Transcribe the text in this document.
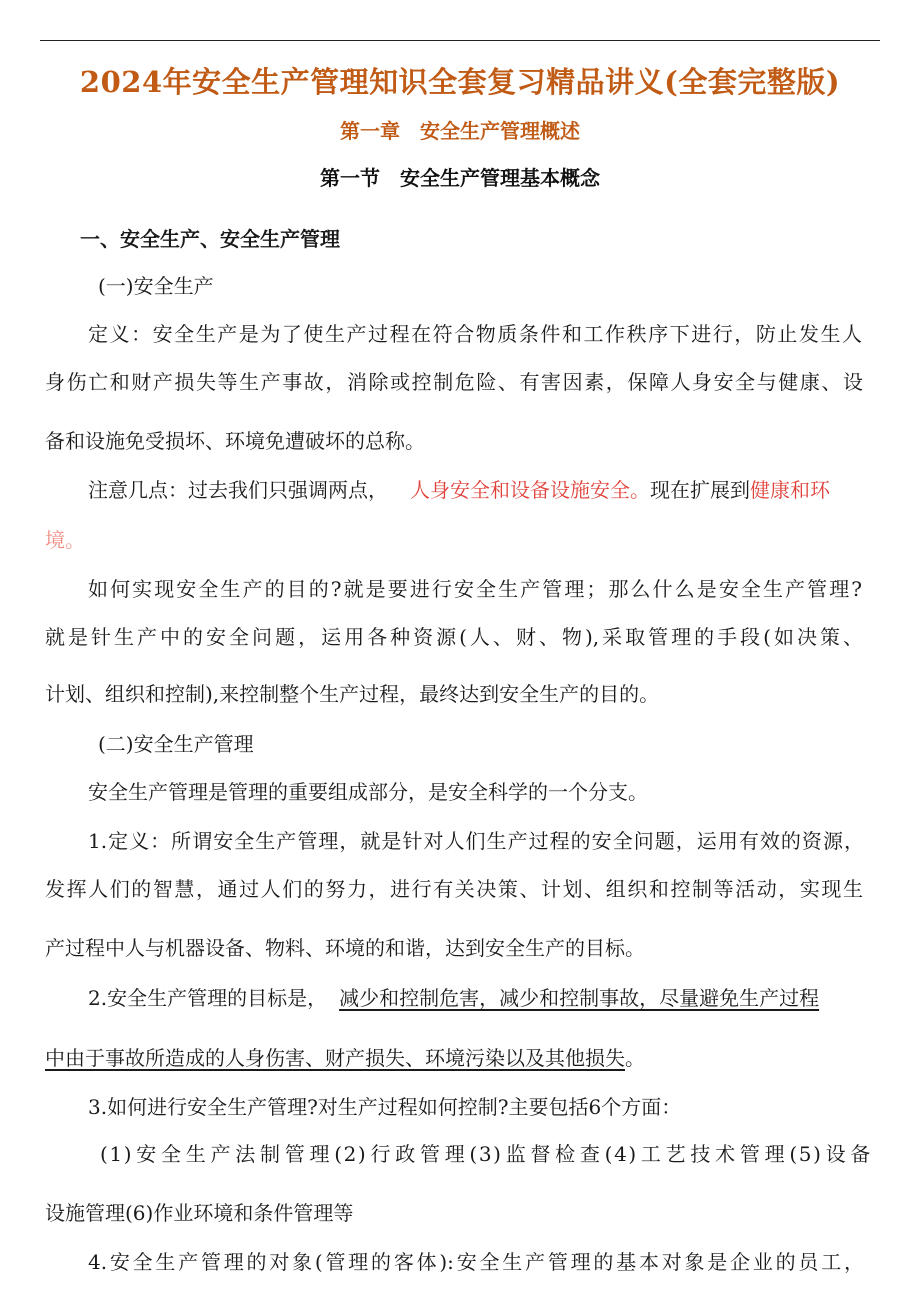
2024年安全生产管理知识全套复习精品讲义(全套完整版)
第一章　安全生产管理概述
第一节　安全生产管理基本概念
一、安全生产、安全生产管理
(一)安全生产
定义：安全生产是为了使生产过程在符合物质条件和工作秩序下进行，防止发生人
身伤亡和财产损失等生产事故，消除或控制危险、有害因素，保障人身安全与健康、设
备和设施免受损坏、环境免遭破坏的总称。
注意几点：过去我们只强调两点， 人身安全和设备设施安全。现在扩展到健康和环
境。
如何实现安全生产的目的?就是要进行安全生产管理；那么什么是安全生产管理?
就是针生产中的安全问题，运用各种资源(人、财、物),采取管理的手段(如决策、
计划、组织和控制),来控制整个生产过程，最终达到安全生产的目的。
(二)安全生产管理
安全生产管理是管理的重要组成部分，是安全科学的一个分支。
1.定义：所谓安全生产管理，就是针对人们生产过程的安全问题，运用有效的资源，
发挥人们的智慧，通过人们的努力，进行有关决策、计划、组织和控制等活动，实现生
产过程中人与机器设备、物料、环境的和谐，达到安全生产的目标。
2.安全生产管理的目标是， 减少和控制危害，减少和控制事故，尽量避免生产过程
中由于事故所造成的人身伤害、财产损失、环境污染以及其他损失。
3.如何进行安全生产管理?对生产过程如何控制?主要包括6个方面：
(1)安全生产法制管理(2)行政管理(3)监督检查(4)工艺技术管理(5)设备
设施管理(6)作业环境和条件管理等
4.安全生产管理的对象(管理的客体):安全生产管理的基本对象是企业的员工，
